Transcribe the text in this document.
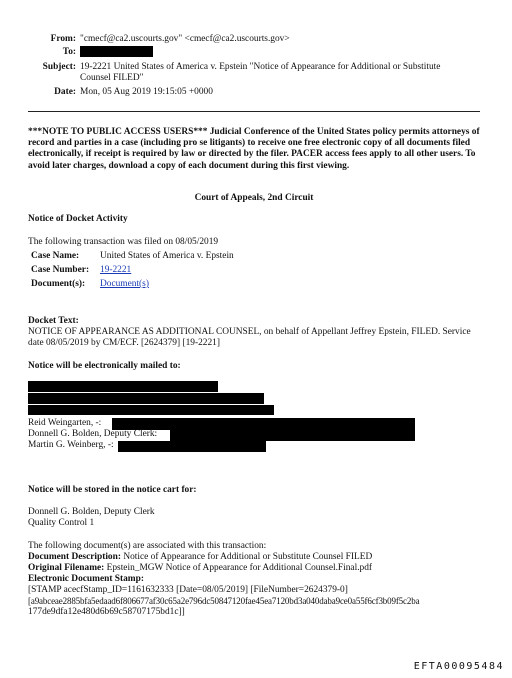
From: "cmecf@ca2.uscourts.gov" <cmecf@ca2.uscourts.gov>
To:
Subject: 19-2221 United States of America v. Epstein "Notice of Appearance for Additional or Substitute Counsel FILED"
Date: Mon, 05 Aug 2019 19:15:05 +0000
***NOTE TO PUBLIC ACCESS USERS*** Judicial Conference of the United States policy permits attorneys of record and parties in a case (including pro se litigants) to receive one free electronic copy of all documents filed electronically, if receipt is required by law or directed by the filer. PACER access fees apply to all other users. To avoid later charges, download a copy of each document during this first viewing.
Court of Appeals, 2nd Circuit
Notice of Docket Activity
The following transaction was filed on 08/05/2019
Case Name: United States of America v. Epstein
Case Number: 19-2221
Document(s): Document(s)
Docket Text:
NOTICE OF APPEARANCE AS ADDITIONAL COUNSEL, on behalf of Appellant Jeffrey Epstein, FILED. Service date 08/05/2019 by CM/ECF. [2624379] [19-2221]
Notice will be electronically mailed to:
Reid Weingarten, -:
Donnell G. Bolden, Deputy Clerk:
Martin G. Weinberg, -:
Notice will be stored in the notice cart for:
Donnell G. Bolden, Deputy Clerk
Quality Control 1
The following document(s) are associated with this transaction:
Document Description: Notice of Appearance for Additional or Substitute Counsel FILED
Original Filename: Epstein_MGW Notice of Appearance for Additional Counsel.Final.pdf
Electronic Document Stamp:
[STAMP acecfStamp_ID=1161632333 [Date=08/05/2019] [FileNumber=2624379-0]
[a9abceae2885bfa5edaad6f806677af30c65a2e796dc50847120fae45ea7120bd3a040daba9ce0a55f6cf3b09f5c2ba
177de9dfa12e480d6b69c58707175bd1c]]
EFTA00095484
